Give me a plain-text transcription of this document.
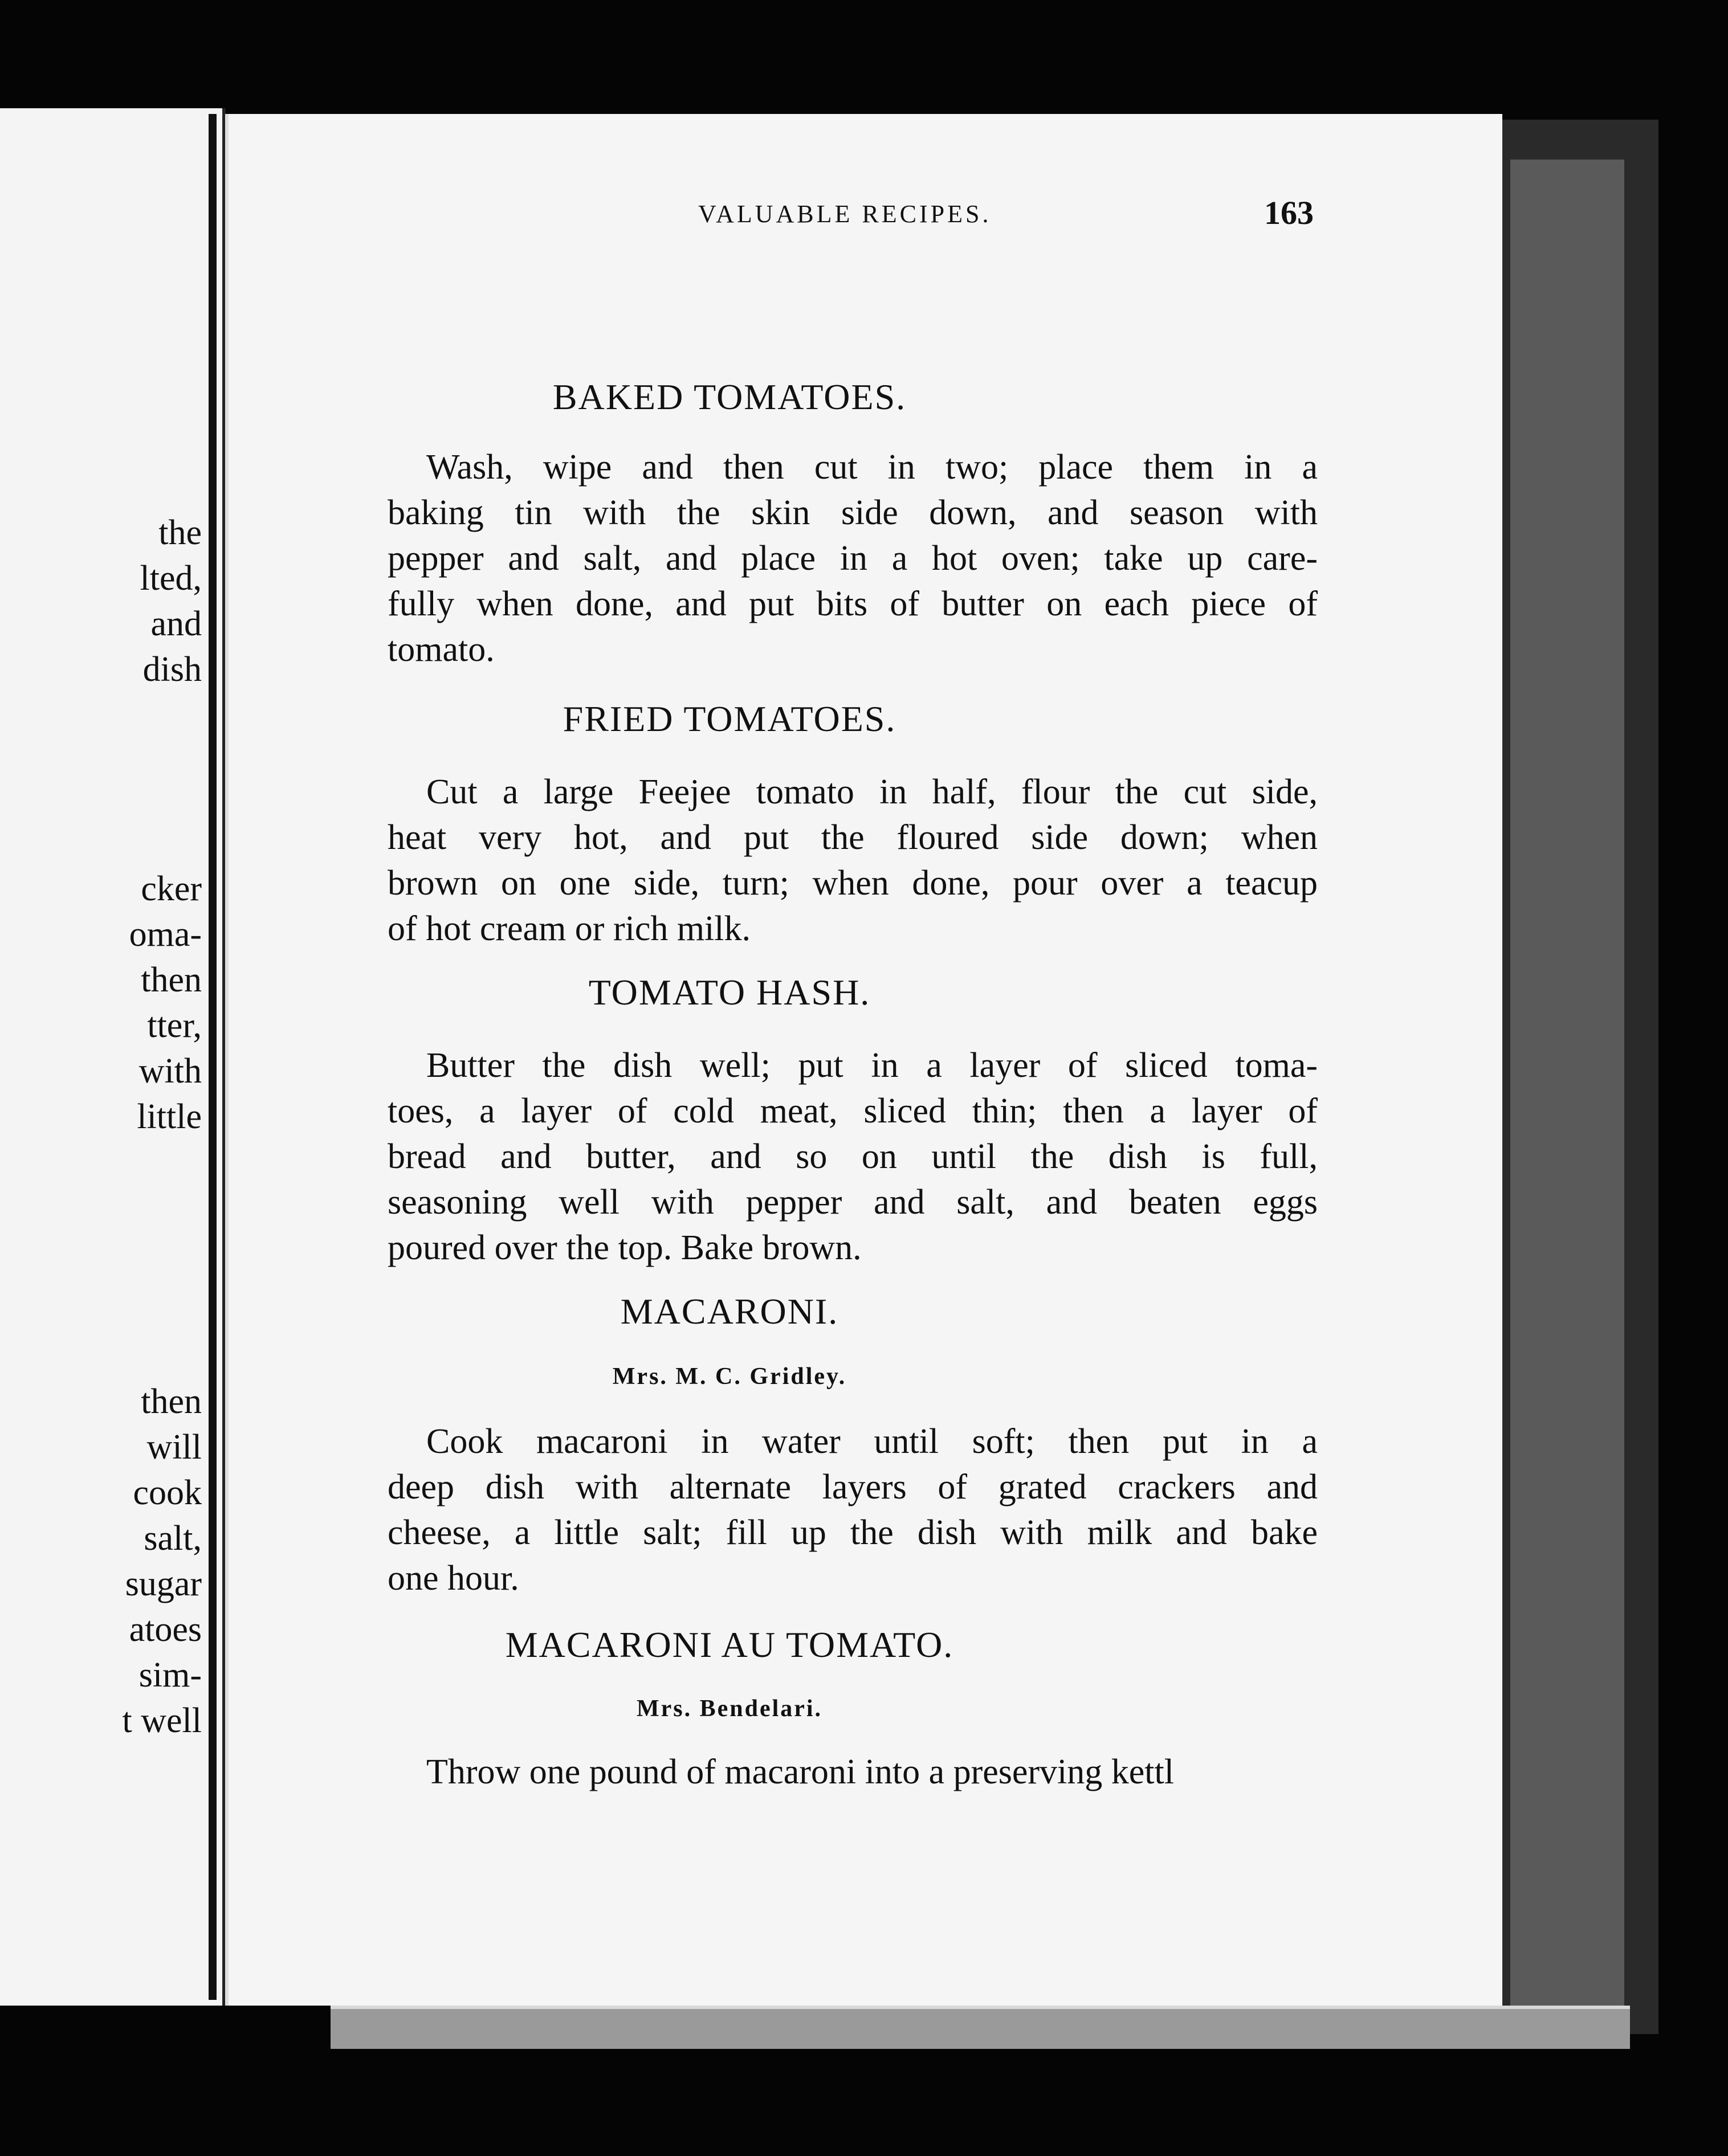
the
lted,
and
dish
cker
oma-
then
tter,
with
little
then
will
cook
salt,
sugar
atoes
sim-
t well
VALUABLE RECIPES.	163
BAKED TOMATOES.
Wash, wipe and then cut in two; place them in a
baking tin with the skin side down, and season with
pepper and salt, and place in a hot oven; take up care-
fully when done, and put bits of butter on each piece of
tomato.
FRIED TOMATOES.
Cut a large Feejee tomato in half, flour the cut side,
heat very hot, and put the floured side down; when
brown on one side, turn; when done, pour over a teacup
of hot cream or rich milk.
TOMATO HASH.
Butter the dish well; put in a layer of sliced toma-
toes, a layer of cold meat, sliced thin; then a layer of
bread and butter, and so on until the dish is full,
seasoning well with pepper and salt, and beaten eggs
poured over the top. Bake brown.
MACARONI.
Mrs. M. C. Gridley.
Cook macaroni in water until soft; then put in a
deep dish with alternate layers of grated crackers and
cheese, a little salt; fill up the dish with milk and bake
one hour.
MACARONI AU TOMATO.
Mrs. Bendelari.
Throw one pound of macaroni into a preserving kettl
